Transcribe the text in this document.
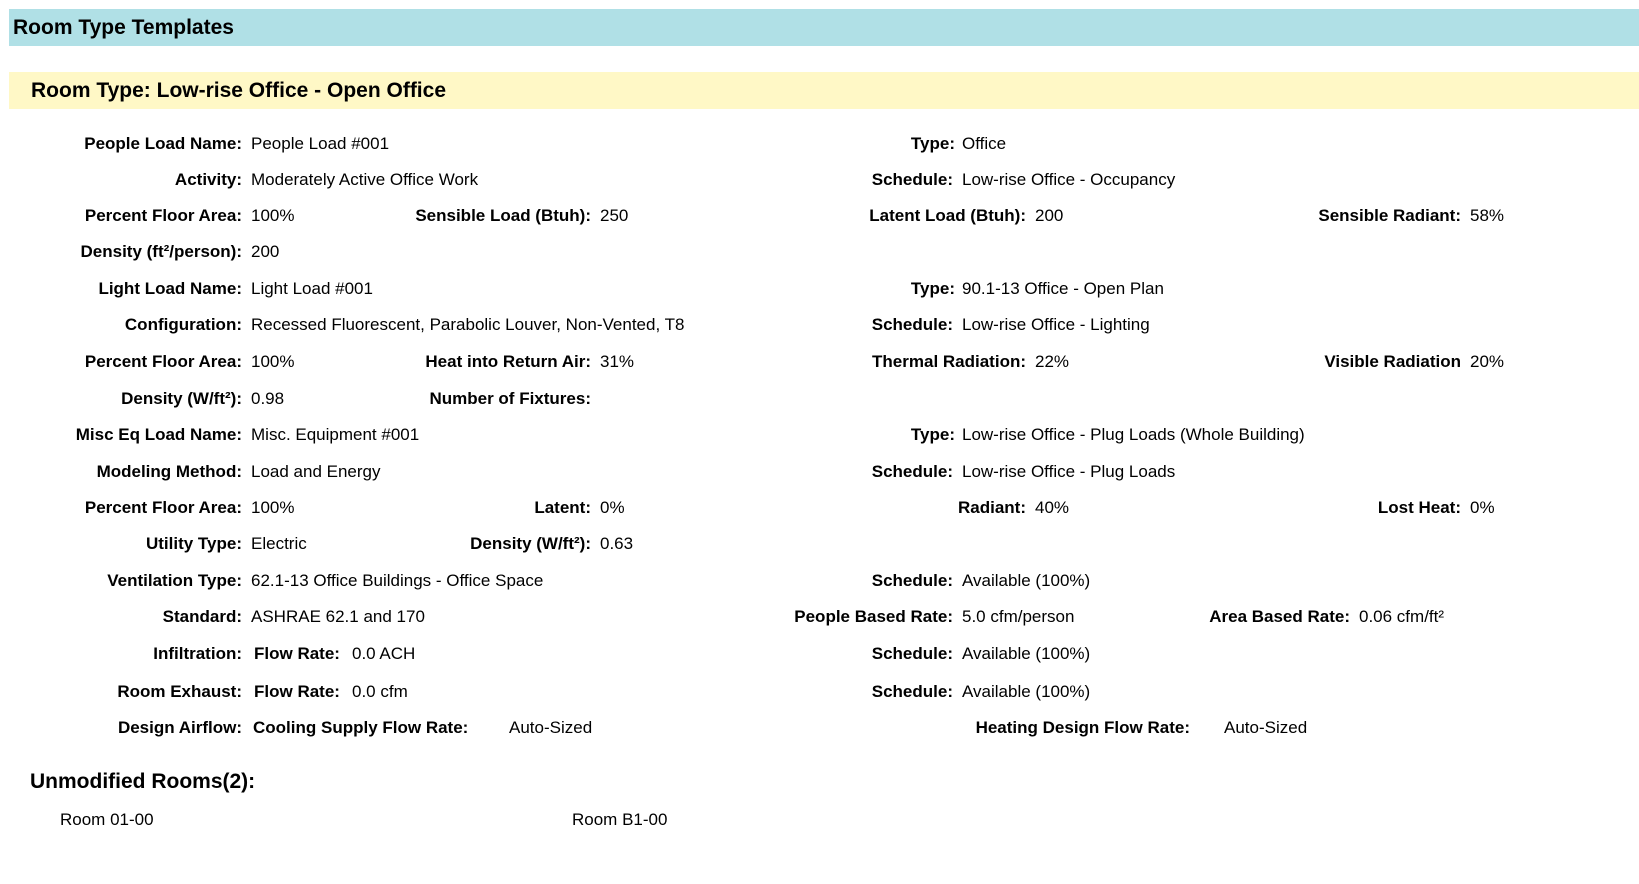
Room Type Templates
Room Type: Low-rise Office - Open Office
People Load Name: People Load #001	Type: Office
Activity: Moderately Active Office Work	Schedule: Low-rise Office - Occupancy
Percent Floor Area: 100%	Sensible Load (Btuh): 250	Latent Load (Btuh): 200	Sensible Radiant: 58%
Density (ft²/person): 200
Light Load Name: Light Load #001	Type: 90.1-13 Office - Open Plan
Configuration: Recessed Fluorescent, Parabolic Louver, Non-Vented, T8	Schedule: Low-rise Office - Lighting
Percent Floor Area: 100%	Heat into Return Air: 31%	Thermal Radiation: 22%	Visible Radiation 20%
Density (W/ft²): 0.98	Number of Fixtures:
Misc Eq Load Name: Misc. Equipment #001	Type: Low-rise Office - Plug Loads (Whole Building)
Modeling Method: Load and Energy	Schedule: Low-rise Office - Plug Loads
Percent Floor Area: 100%	Latent: 0%	Radiant: 40%	Lost Heat: 0%
Utility Type: Electric	Density (W/ft²): 0.63
Ventilation Type: 62.1-13 Office Buildings - Office Space	Schedule: Available (100%)
Standard: ASHRAE 62.1 and 170	People Based Rate: 5.0 cfm/person	Area Based Rate: 0.06 cfm/ft²
Infiltration: Flow Rate: 0.0 ACH	Schedule: Available (100%)
Room Exhaust: Flow Rate: 0.0 cfm	Schedule: Available (100%)
Design Airflow: Cooling Supply Flow Rate: Auto-Sized	Heating Design Flow Rate: Auto-Sized
Unmodified Rooms(2):
Room 01-00	Room B1-00
